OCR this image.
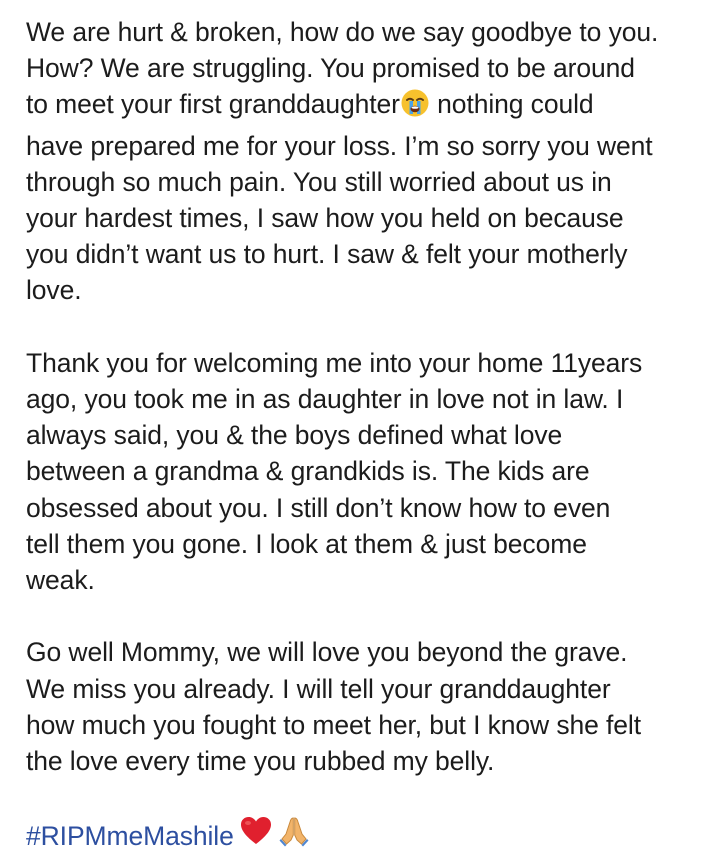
We are hurt & broken, how do we say goodbye to you.
How? We are struggling. You promised to be around
to meet your first granddaughter nothing could
have prepared me for your loss. I’m so sorry you went
through so much pain. You still worried about us in
your hardest times, I saw how you held on because
you didn’t want us to hurt. I saw & felt your motherly
love.

Thank you for welcoming me into your home 11years
ago, you took me in as daughter in love not in law. I
always said, you & the boys defined what love
between a grandma & grandkids is. The kids are
obsessed about you. I still don’t know how to even
tell them you gone. I look at them & just become
weak.

Go well Mommy, we will love you beyond the grave.
We miss you already. I will tell your granddaughter
how much you fought to meet her, but I know she felt
the love every time you rubbed my belly.

#RIPMmeMashile
